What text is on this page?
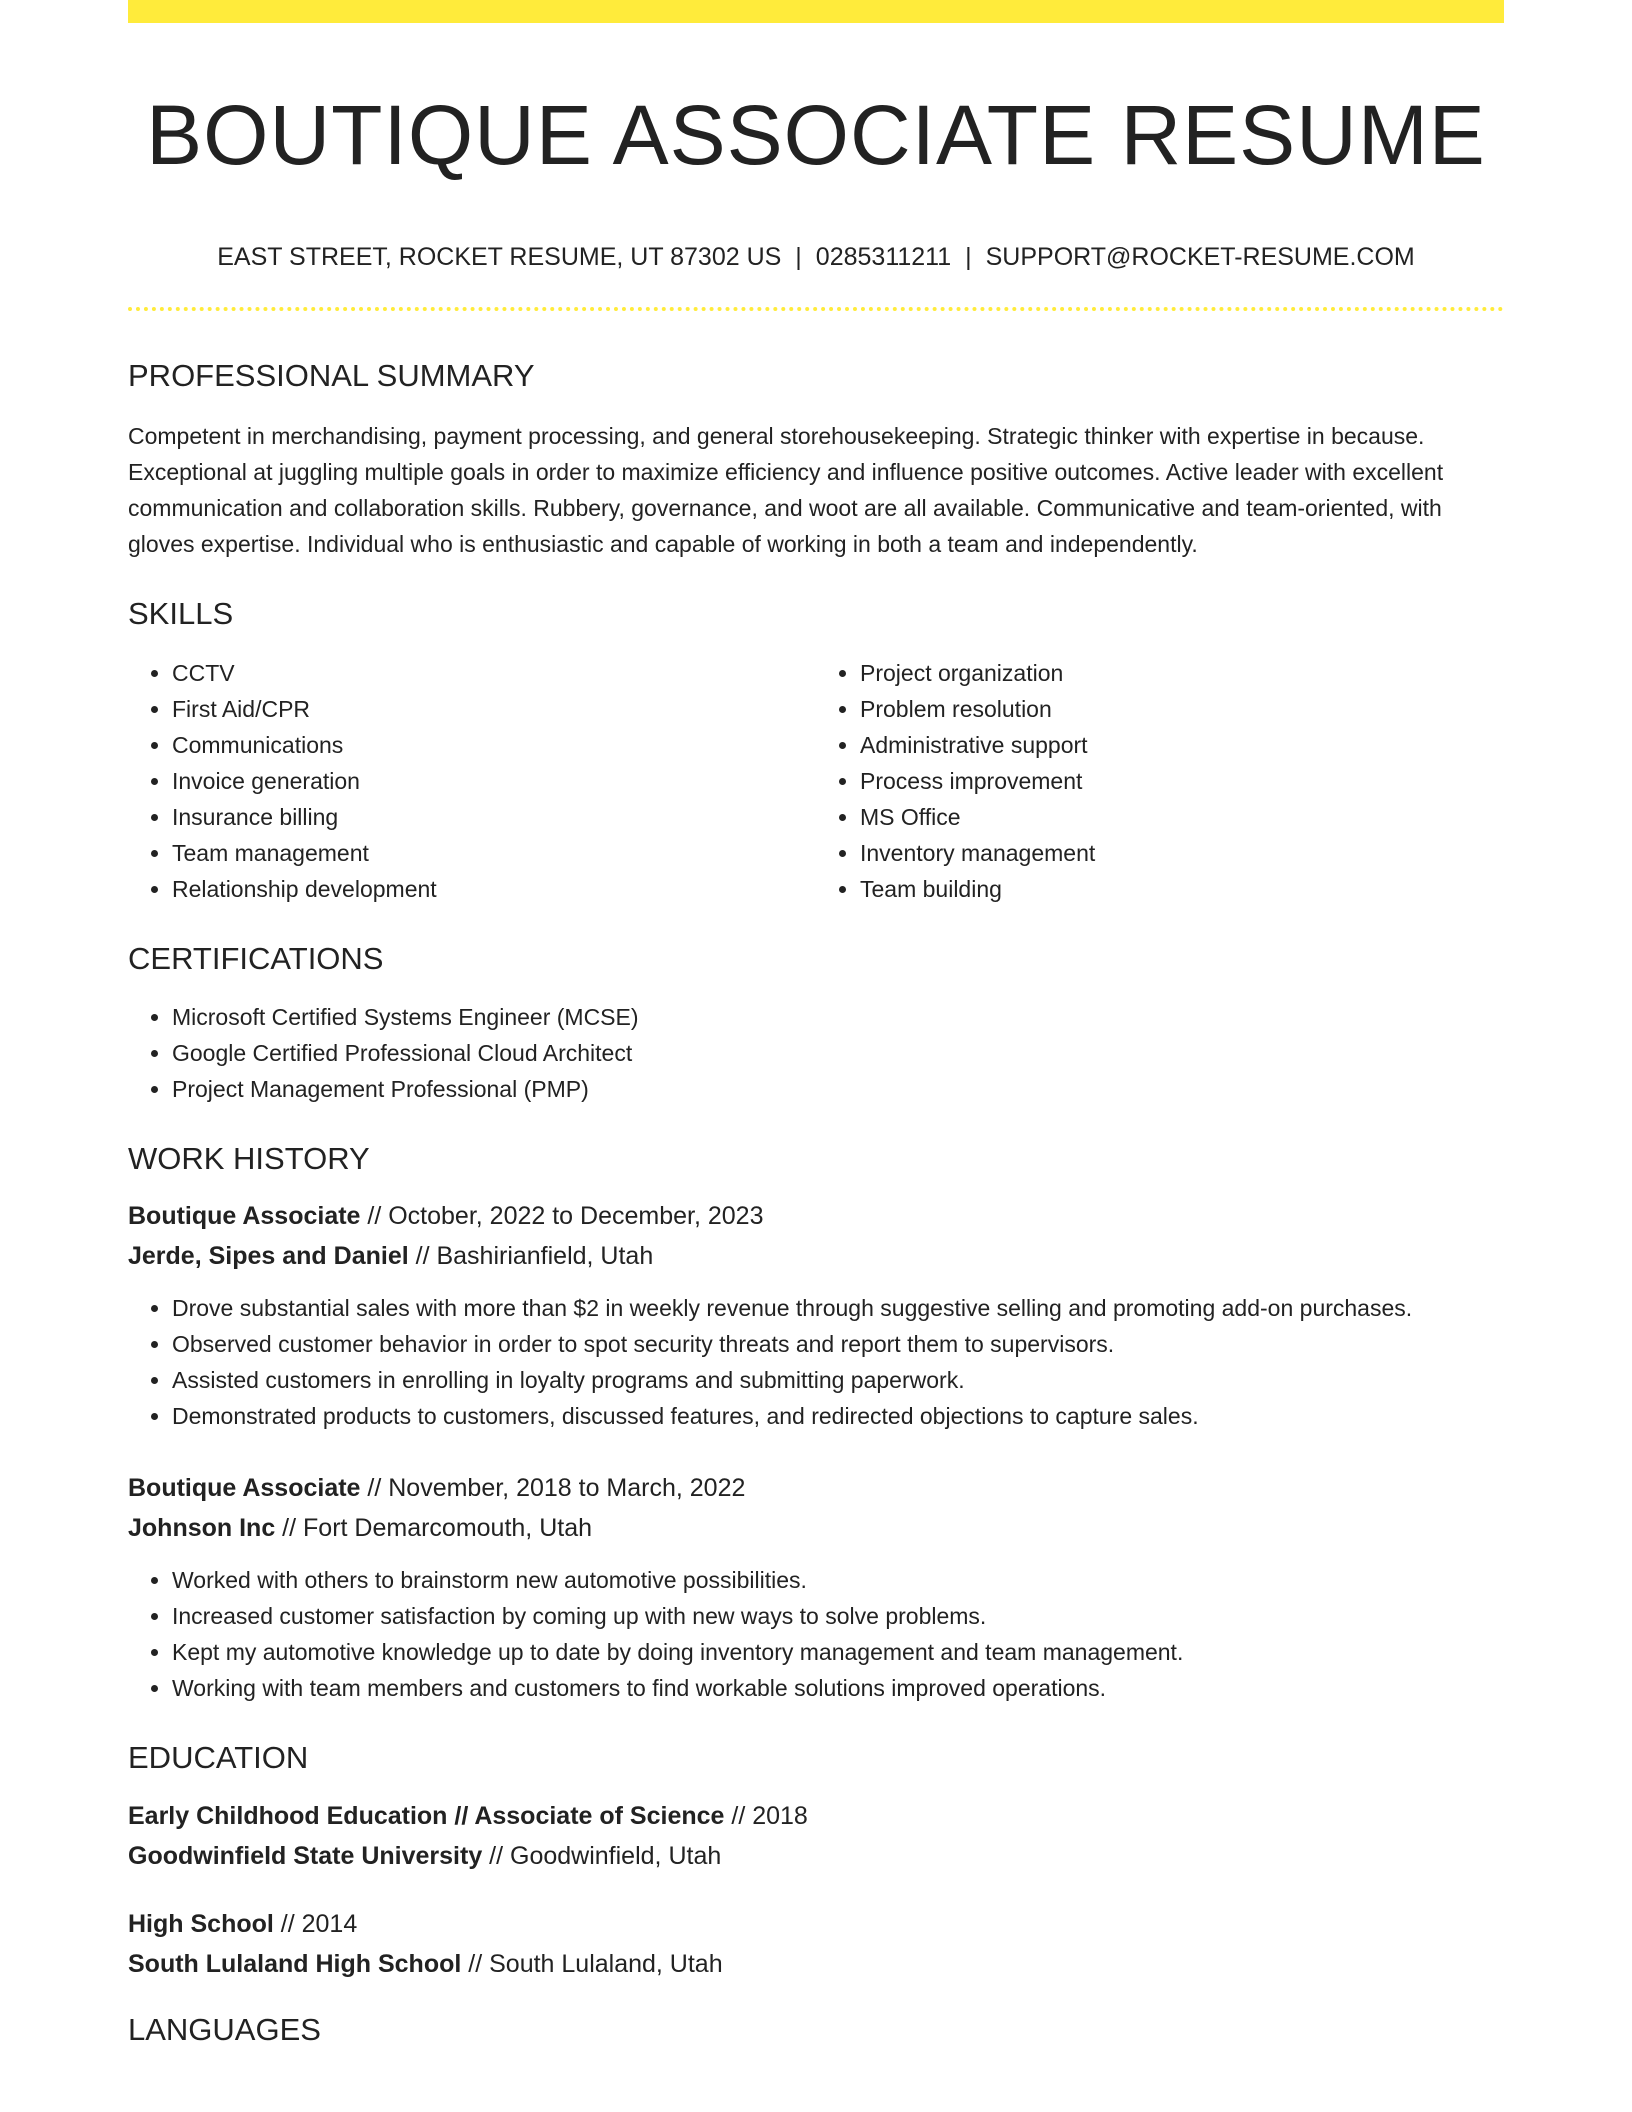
BOUTIQUE ASSOCIATE RESUME
EAST STREET, ROCKET RESUME, UT 87302 US | 0285311211 | SUPPORT@ROCKET-RESUME.COM
PROFESSIONAL SUMMARY

Competent in merchandising, payment processing, and general storehousekeeping. Strategic thinker with expertise in because. Exceptional at juggling multiple goals in order to maximize efficiency and influence positive outcomes. Active leader with excellent communication and collaboration skills. Rubbery, governance, and woot are all available. Communicative and team-oriented, with gloves expertise. Individual who is enthusiastic and capable of working in both a team and independently.

SKILLS
• CCTV
• First Aid/CPR
• Communications
• Invoice generation
• Insurance billing
• Team management
• Relationship development
• Project organization
• Problem resolution
• Administrative support
• Process improvement
• MS Office
• Inventory management
• Team building
CERTIFICATIONS
• Microsoft Certified Systems Engineer (MCSE)
• Google Certified Professional Cloud Architect
• Project Management Professional (PMP)
WORK HISTORY
Boutique Associate // October, 2022 to December, 2023
Jerde, Sipes and Daniel // Bashirianfield, Utah
• Drove substantial sales with more than $2 in weekly revenue through suggestive selling and promoting add-on purchases.
• Observed customer behavior in order to spot security threats and report them to supervisors.
• Assisted customers in enrolling in loyalty programs and submitting paperwork.
• Demonstrated products to customers, discussed features, and redirected objections to capture sales.
Boutique Associate // November, 2018 to March, 2022
Johnson Inc // Fort Demarcomouth, Utah
• Worked with others to brainstorm new automotive possibilities.
• Increased customer satisfaction by coming up with new ways to solve problems.
• Kept my automotive knowledge up to date by doing inventory management and team management.
• Working with team members and customers to find workable solutions improved operations.
EDUCATION
Early Childhood Education // Associate of Science // 2018
Goodwinfield State University // Goodwinfield, Utah
High School // 2014
South Lulaland High School // South Lulaland, Utah
LANGUAGES
